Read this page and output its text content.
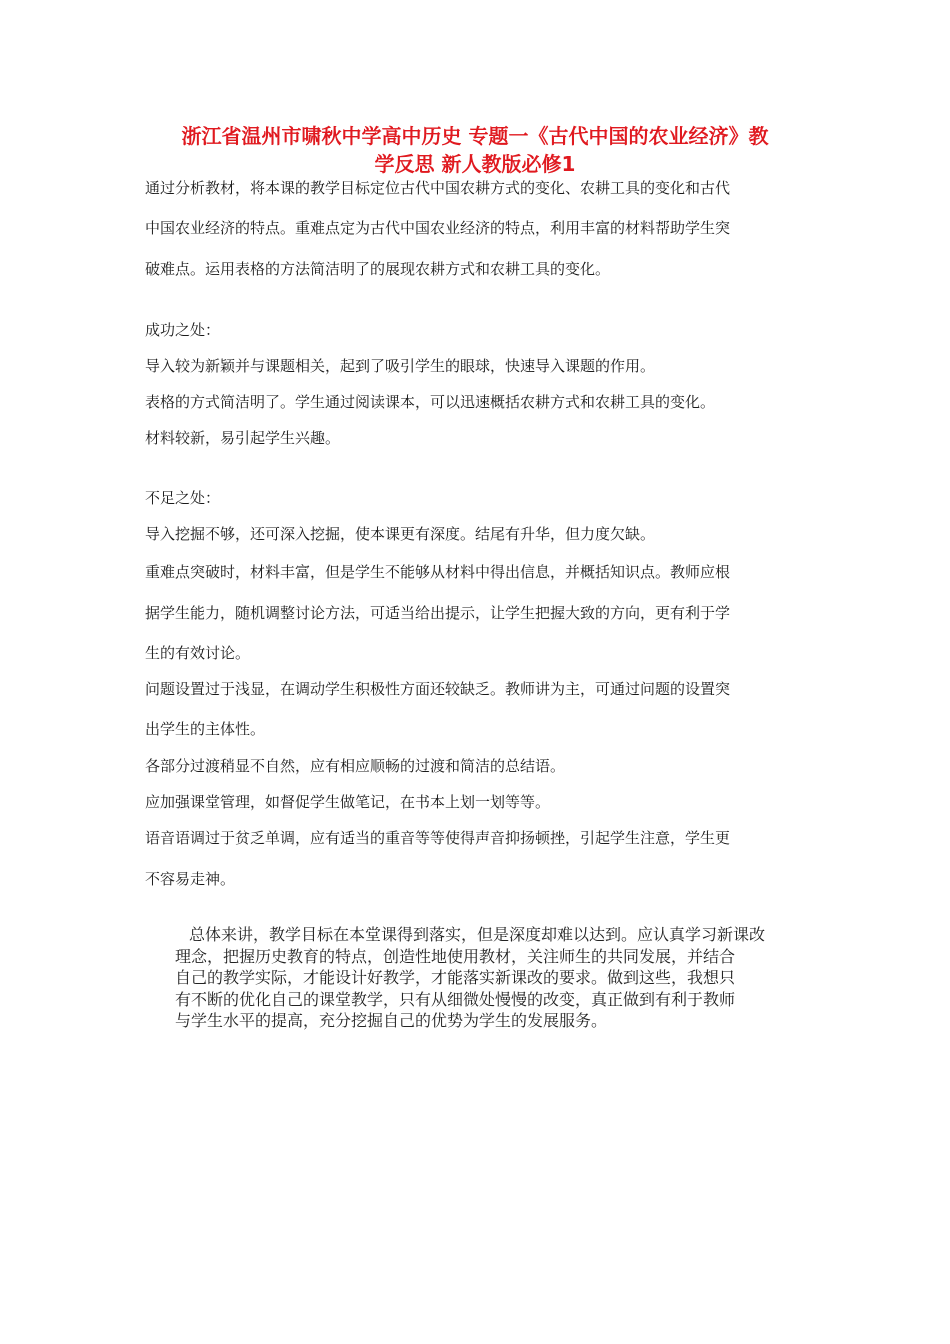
浙江省温州市啸秋中学高中历史 专题一《古代中国的农业经济》教
学反思 新人教版必修1

通过分析教材，将本课的教学目标定位古代中国农耕方式的变化、农耕工具的变化和古代

中国农业经济的特点。重难点定为古代中国农业经济的特点，利用丰富的材料帮助学生突

破难点。运用表格的方法简洁明了的展现农耕方式和农耕工具的变化。

成功之处：

导入较为新颖并与课题相关，起到了吸引学生的眼球，快速导入课题的作用。

表格的方式简洁明了。学生通过阅读课本，可以迅速概括农耕方式和农耕工具的变化。

材料较新，易引起学生兴趣。

不足之处：

导入挖掘不够，还可深入挖掘，使本课更有深度。结尾有升华，但力度欠缺。

重难点突破时，材料丰富，但是学生不能够从材料中得出信息，并概括知识点。教师应根

据学生能力，随机调整讨论方法，可适当给出提示，让学生把握大致的方向，更有利于学

生的有效讨论。

问题设置过于浅显，在调动学生积极性方面还较缺乏。教师讲为主，可通过问题的设置突

出学生的主体性。

各部分过渡稍显不自然，应有相应顺畅的过渡和简洁的总结语。

应加强课堂管理，如督促学生做笔记，在书本上划一划等等。

语音语调过于贫乏单调，应有适当的重音等等使得声音抑扬顿挫，引起学生注意，学生更

不容易走神。

总体来讲，教学目标在本堂课得到落实，但是深度却难以达到。应认真学习新课改

理念，把握历史教育的特点，创造性地使用教材，关注师生的共同发展，并结合

自己的教学实际，才能设计好教学，才能落实新课改的要求。做到这些，我想只

有不断的优化自己的课堂教学，只有从细微处慢慢的改变，真正做到有利于教师

与学生水平的提高，充分挖掘自己的优势为学生的发展服务。
